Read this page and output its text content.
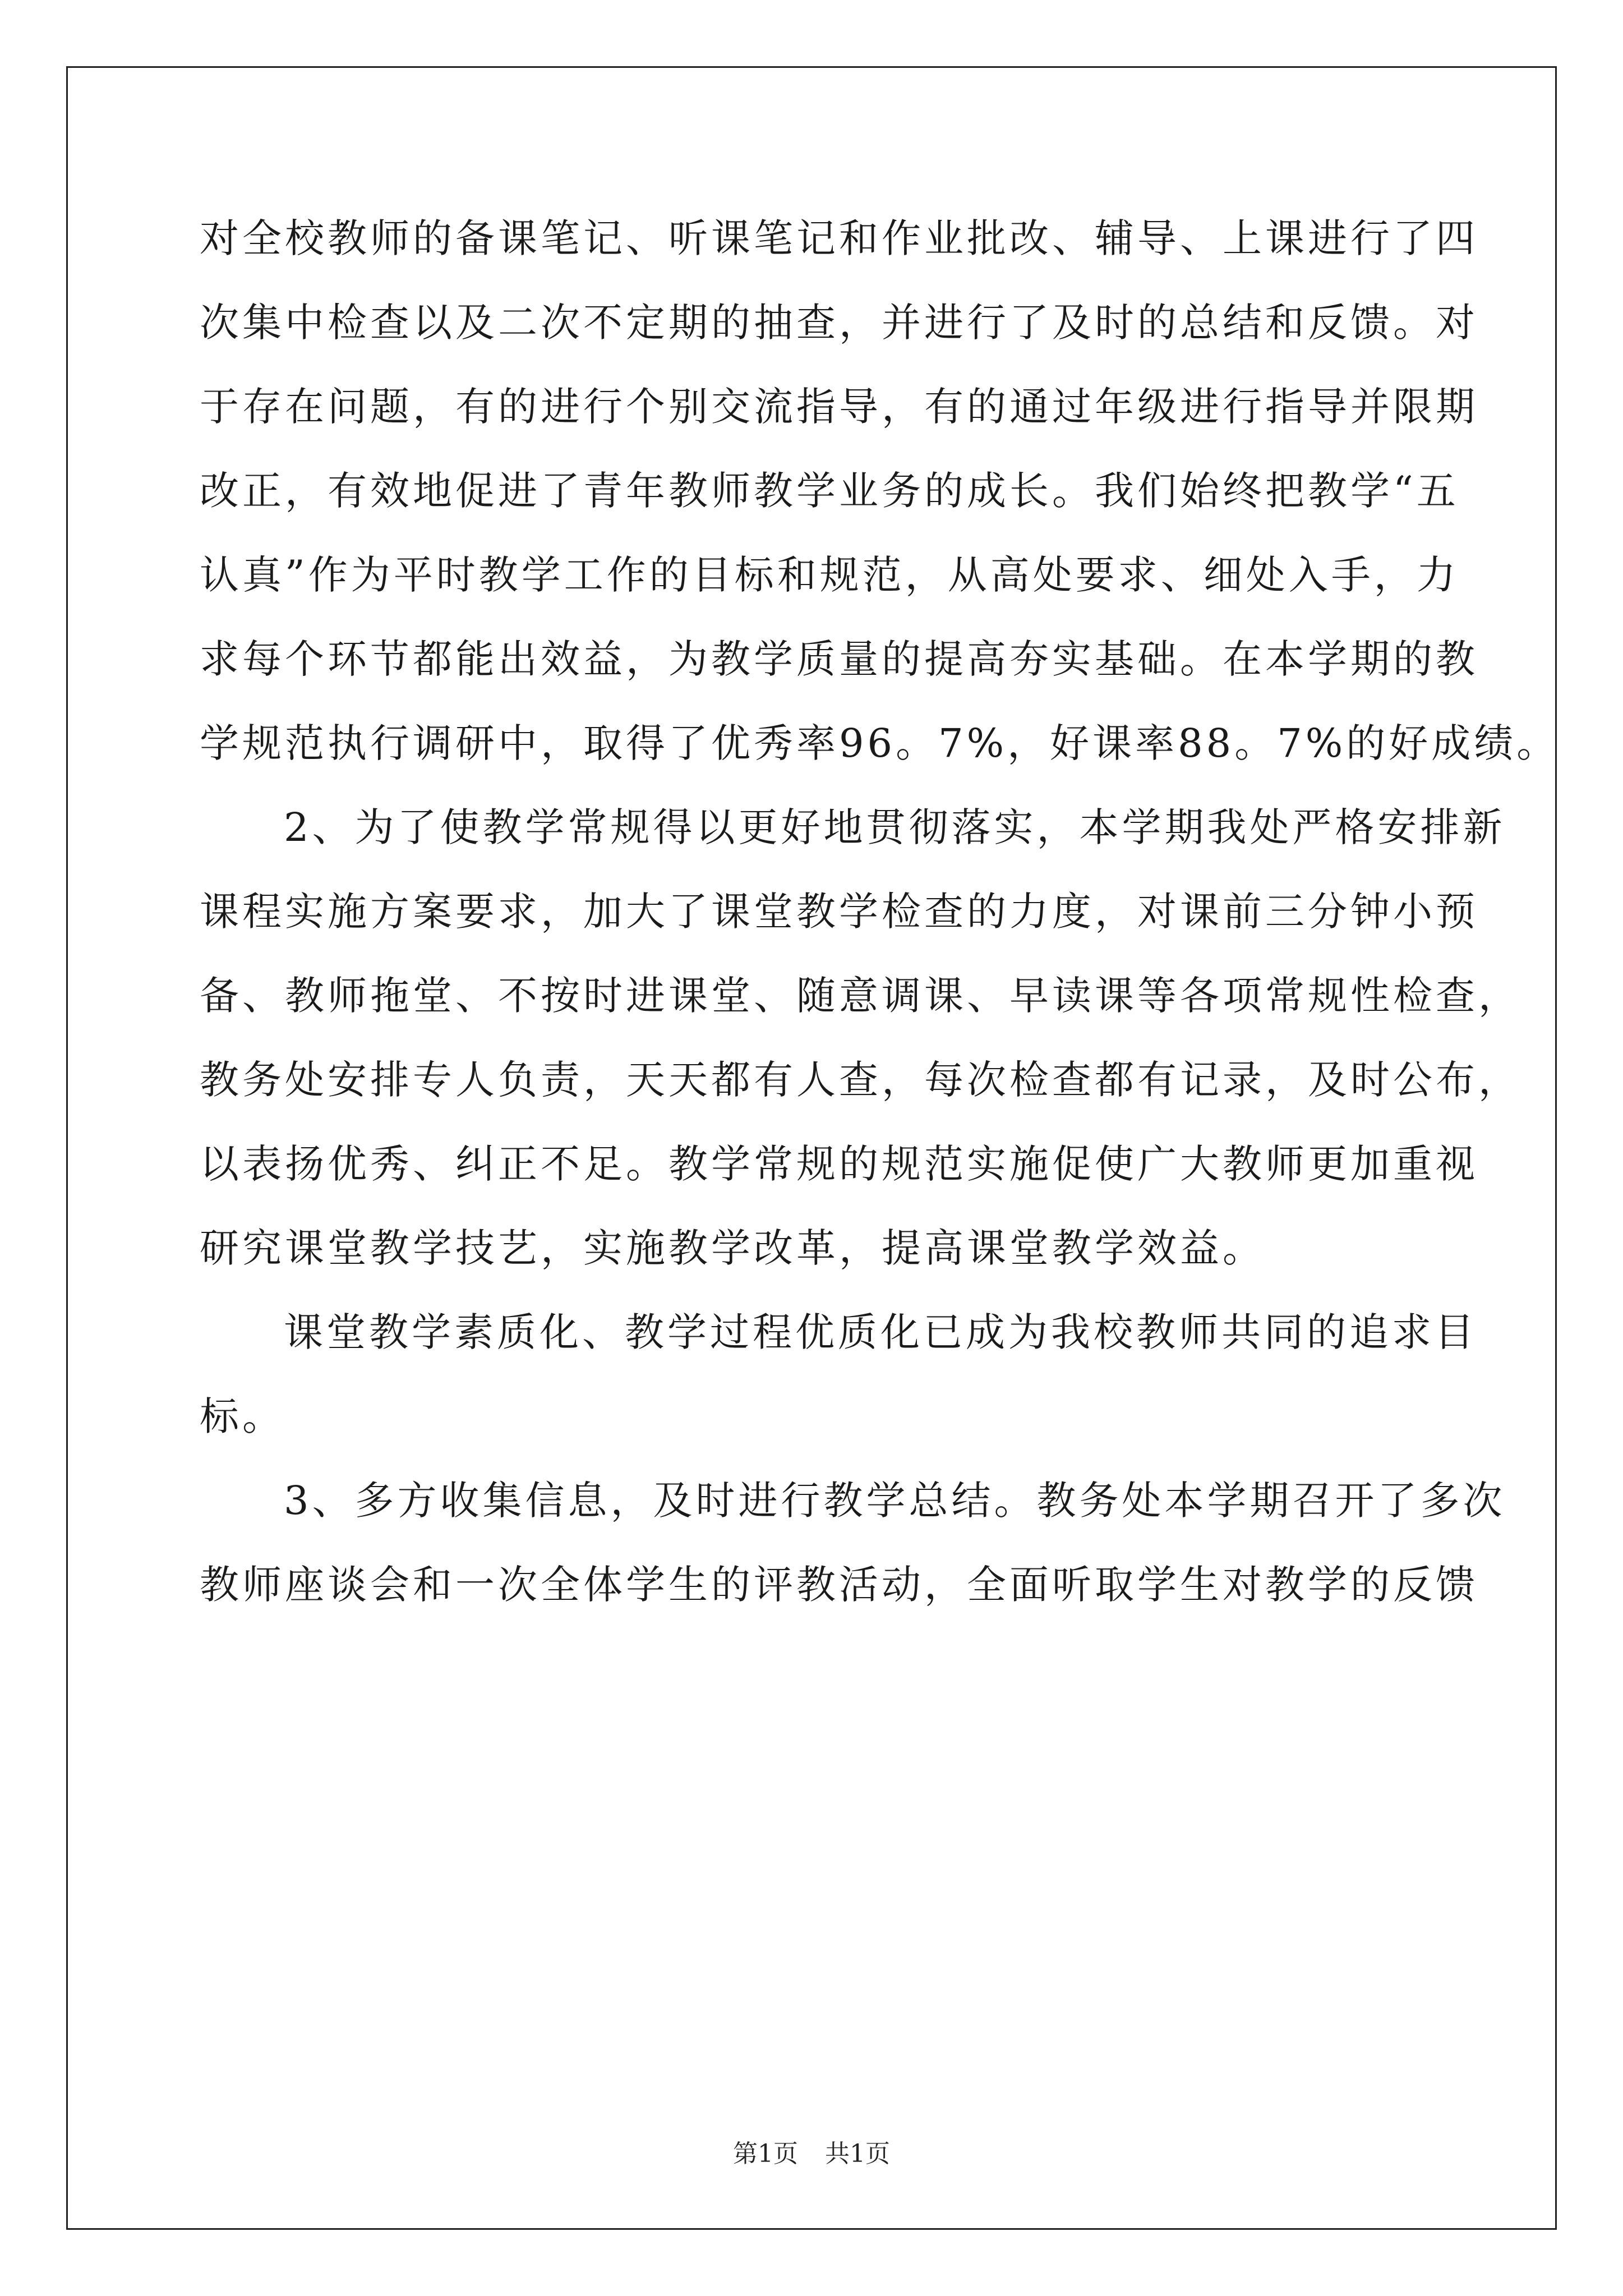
对全校教师的备课笔记、听课笔记和作业批改、辅导、上课进行了四
次集中检查以及二次不定期的抽查，并进行了及时的总结和反馈。对
于存在问题，有的进行个别交流指导，有的通过年级进行指导并限期
改正，有效地促进了青年教师教学业务的成长。我们始终把教学“五
认真”作为平时教学工作的目标和规范，从高处要求、细处入手，力
求每个环节都能出效益，为教学质量的提高夯实基础。在本学期的教
学规范执行调研中，取得了优秀率96。7%，好课率88。7%的好成绩。
2、为了使教学常规得以更好地贯彻落实，本学期我处严格安排新
课程实施方案要求，加大了课堂教学检查的力度，对课前三分钟小预
备、教师拖堂、不按时进课堂、随意调课、早读课等各项常规性检查，
教务处安排专人负责，天天都有人查，每次检查都有记录，及时公布，
以表扬优秀、纠正不足。教学常规的规范实施促使广大教师更加重视
研究课堂教学技艺，实施教学改革，提高课堂教学效益。
课堂教学素质化、教学过程优质化已成为我校教师共同的追求目
标。
3、多方收集信息，及时进行教学总结。教务处本学期召开了多次
教师座谈会和一次全体学生的评教活动，全面听取学生对教学的反馈
第1页 共1页
